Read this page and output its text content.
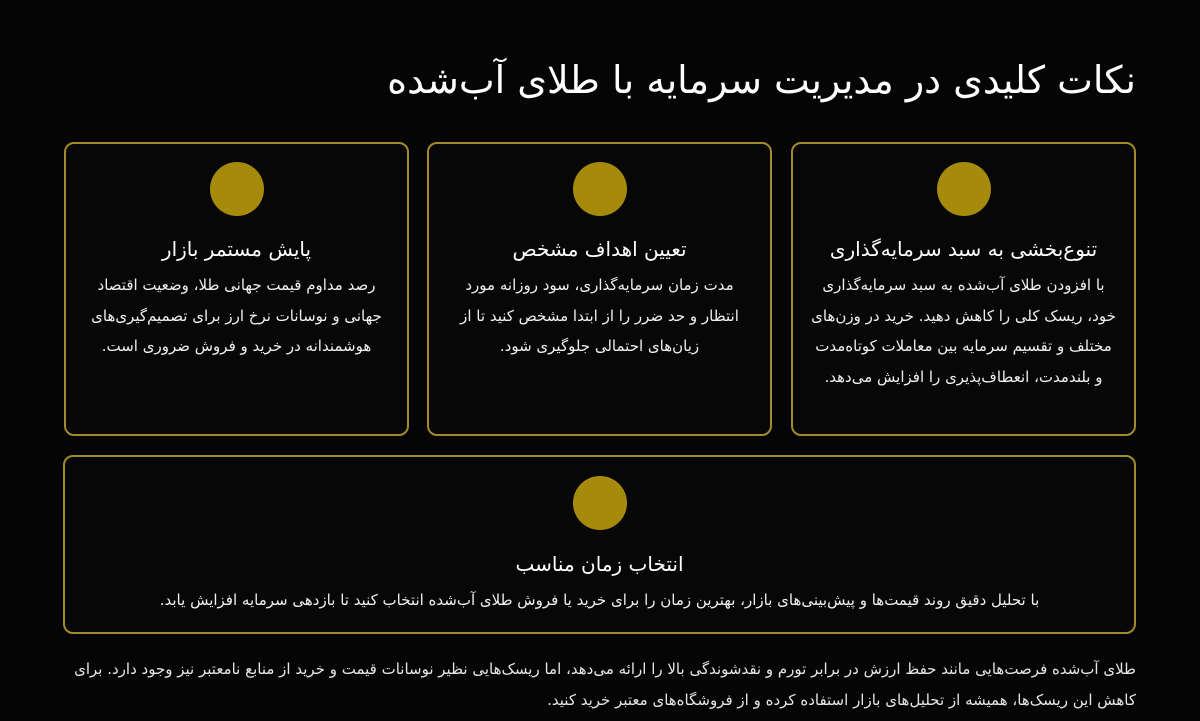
نکات کلیدی در مدیریت سرمایه با طلای آب‌شده
تنوع‌بخشی به سبد سرمایه‌گذاری

با افزودن طلای آب‌شده به سبد سرمایه‌گذاری خود، ریسک کلی را کاهش دهید. خرید در وزن‌های مختلف و تقسیم سرمایه بین معاملات کوتاه‌مدت و بلندمدت، انعطاف‌پذیری را افزایش می‌دهد.

تعیین اهداف مشخص

مدت زمان سرمایه‌گذاری، سود روزانه مورد انتظار و حد ضرر را از ابتدا مشخص کنید تا از زیان‌های احتمالی جلوگیری شود.

پایش مستمر بازار

رصد مداوم قیمت جهانی طلا، وضعیت اقتصاد جهانی و نوسانات نرخ ارز برای تصمیم‌گیری‌های هوشمندانه در خرید و فروش ضروری است.

انتخاب زمان مناسب

با تحلیل دقیق روند قیمت‌ها و پیش‌بینی‌های بازار، بهترین زمان را برای خرید یا فروش طلای آب‌شده انتخاب کنید تا بازدهی سرمایه افزایش یابد.

طلای آب‌شده فرصت‌هایی مانند حفظ ارزش در برابر تورم و نقدشوندگی بالا را ارائه می‌دهد، اما ریسک‌هایی نظیر نوسانات قیمت و خرید از منابع نامعتبر نیز وجود دارد. برای کاهش این ریسک‌ها، همیشه از تحلیل‌های بازار استفاده کرده و از فروشگاه‌های معتبر خرید کنید.
